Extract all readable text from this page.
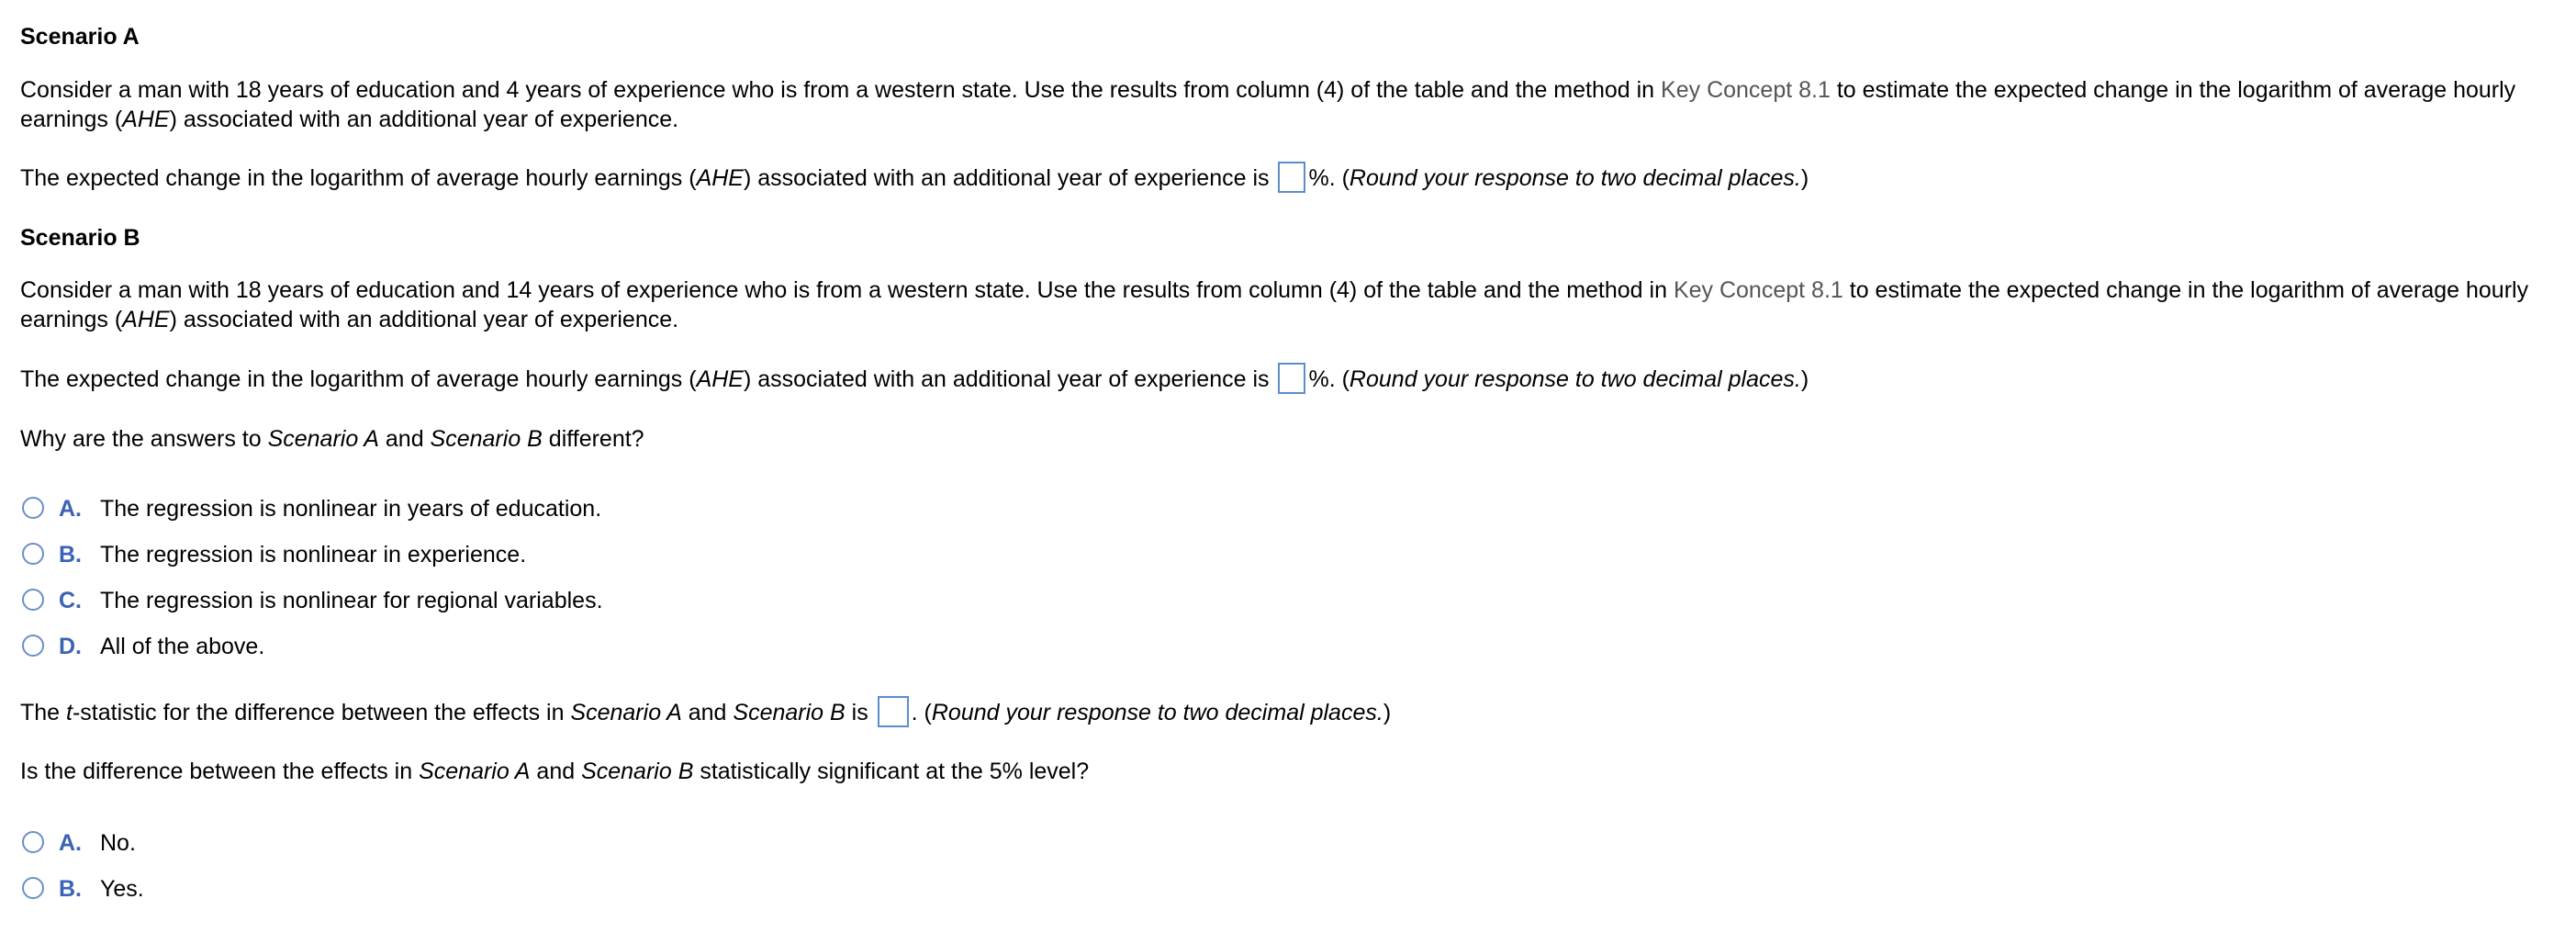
Scenario A
Consider a man with 18 years of education and 4 years of experience who is from a western state. Use the results from column (4) of the table and the method in Key Concept 8.1 to estimate the expected change in the logarithm of average hourly earnings (AHE) associated with an additional year of experience.
The expected change in the logarithm of average hourly earnings (AHE) associated with an additional year of experience is %. (Round your response to two decimal places.)
Scenario B
Consider a man with 18 years of education and 14 years of experience who is from a western state. Use the results from column (4) of the table and the method in Key Concept 8.1 to estimate the expected change in the logarithm of average hourly earnings (AHE) associated with an additional year of experience.
The expected change in the logarithm of average hourly earnings (AHE) associated with an additional year of experience is %. (Round your response to two decimal places.)
Why are the answers to Scenario A and Scenario B different?
A. The regression is nonlinear in years of education.
B. The regression is nonlinear in experience.
C. The regression is nonlinear for regional variables.
D. All of the above.
The t-statistic for the difference between the effects in Scenario A and Scenario B is . (Round your response to two decimal places.)
Is the difference between the effects in Scenario A and Scenario B statistically significant at the 5% level?
A. No.
B. Yes.
